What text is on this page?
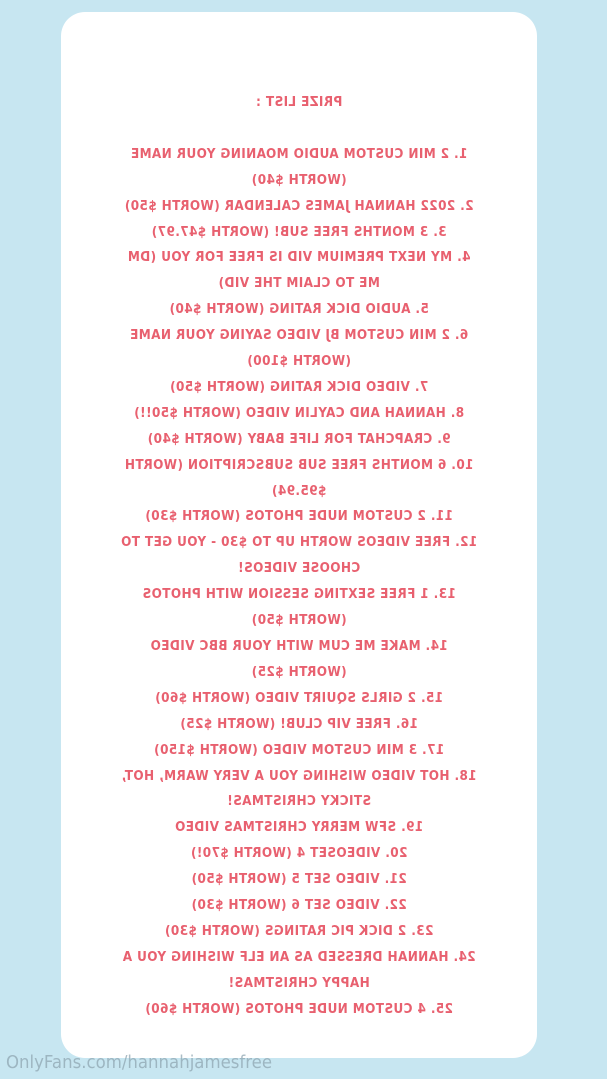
PRIZE LIST :
1. 2 MIN CUSTOM AUDIO MOANING YOUR NAME
(WORTH $40)
2. 2022 HANNAH JAMES CALENDAR (WORTH $50)
3. 3 MONTHS FREE SUB! (WORTH $47.97)
4. MY NEXT PREMIUM VID IS FREE FOR YOU (DM
ME TO CLAIM THE VID)
5. AUDIO DICK RATING (WORTH $40)
6. 2 MIN CUSTOM BJ VIDEO SAYING YOUR NAME
(WORTH $100)
7. VIDEO DICK RATING (WORTH $50)
8. HANNAH AND CAYLIN VIDEO (WORTH $50!!)
9. CRAPCHAT FOR LIFE BABY (WORTH $40)
10. 6 MONTHS FREE SUB SUBSCRIPTION (WORTH
$95.94)
11. 2 CUSTOM NUDE PHOTOS (WORTH $30)
12. FREE VIDEOS WORTH UP TO $30 - YOU GET TO
CHOOSE VIDEOS!
13. 1 FREE SEXTING SESSION WITH PHOTOS
(WORTH $50)
14. MAKE ME CUM WITH YOUR BBC VIDEO
(WORTH $25)
15. 2 GIRLS SQUIRT VIDEO (WORTH $60)
16. FREE VIP CLUB! (WORTH $25)
17. 3 MIN CUSTOM VIDEO (WORTH $150)
18. HOT VIDEO WISHING YOU A VERY WARM, HOT,
STICKY CHRISTMAS!
19. SFW MERRY CHRISTMAS VIDEO
20. VIDEOSET 4 (WORTH $70!)
21. VIDEO SET 5 (WORTH $50)
22. VIDEO SET 6 (WORTH $30)
23. 2 DICK PIC RATINGS (WORTH $30)
24. HANNAH DRESSED AS AN ELF WISHING YOU A
HAPPY CHRISTMAS!
25. 4 CUSTOM NUDE PHOTOS (WORTH $60)
OnlyFans.com/hannahjamesfree
